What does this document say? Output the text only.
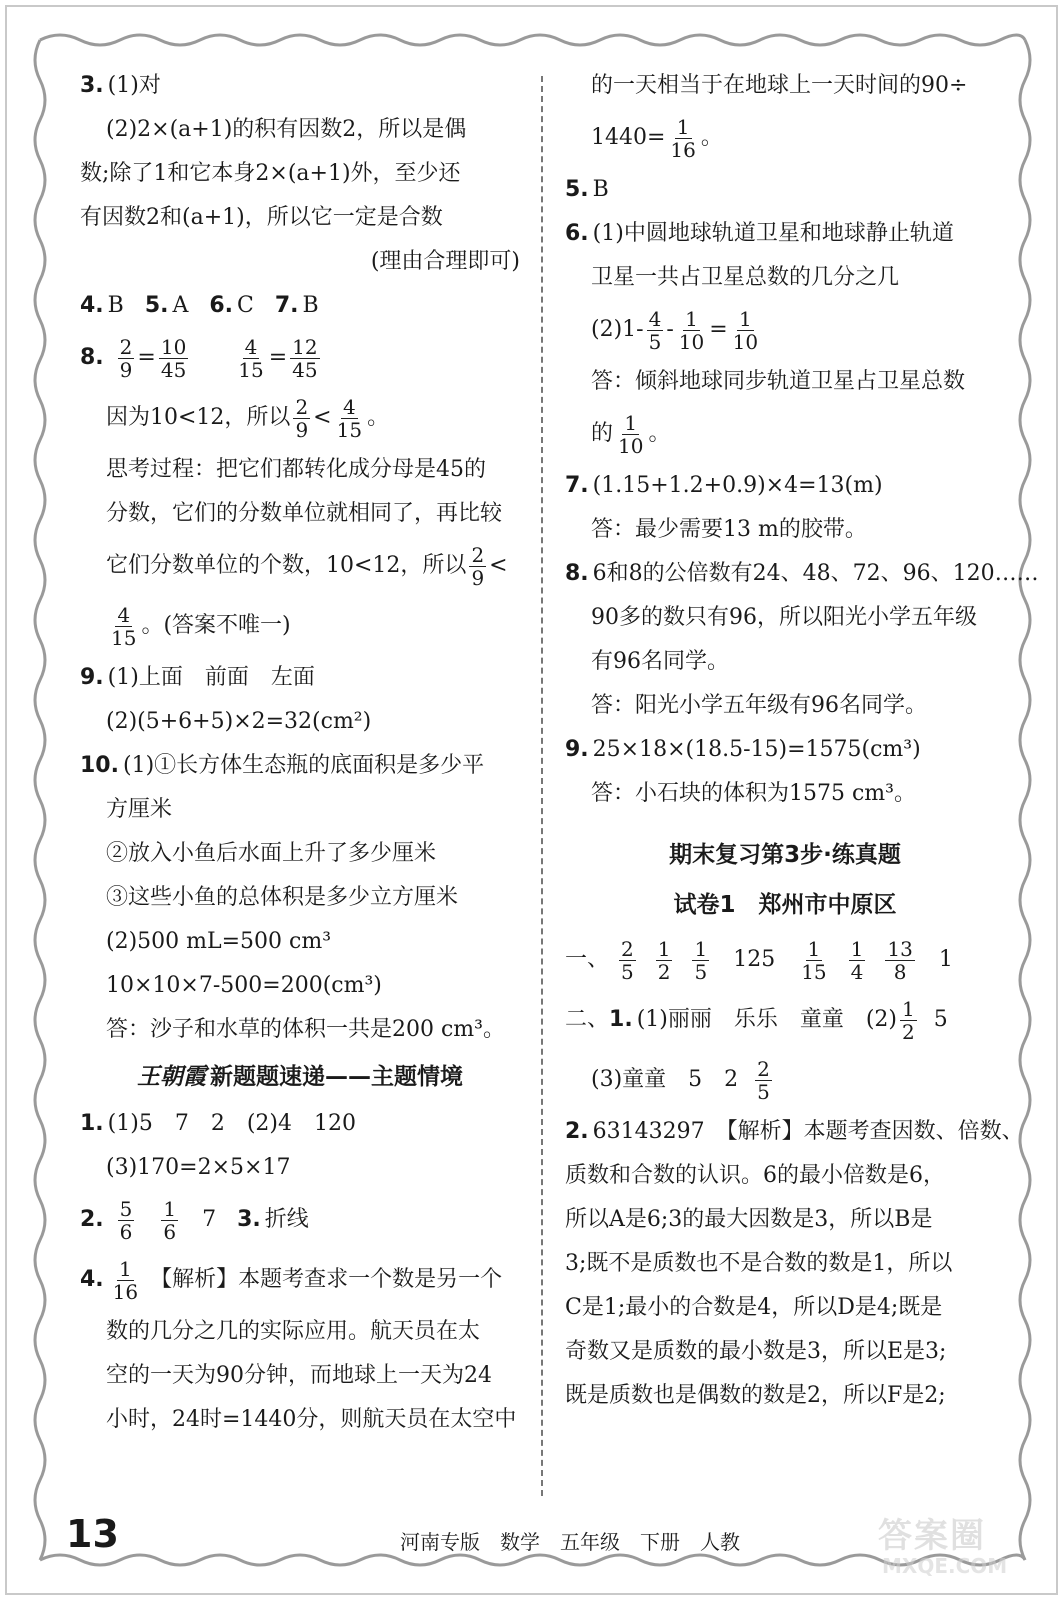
3. (1)对
(2)2×(a+1)的积有因数2，所以是偶
数;除了1和它本身2×(a+1)外，至少还
有因数2和(a+1)，所以它一定是合数
(理由合理即可)
4. B 5. A 6. C 7. B
8. $\frac{2}{9} = \frac{10}{45}$
$\frac{4}{15} = \frac{12}{45}$
因为10<12，所以 $\frac{2}{9} < \frac{4}{15}$ 。
思考过程：把它们都转化成分母是45的
分数，它们的分数单位就相同了，再比较
它们分数单位的个数，10<12，所以 $\frac{2}{9}$ <
$\frac{4}{15}$ 。(答案不唯一)
9. (1)上面　前面　左面
(2)(5+6+5)×2=32(cm²)
10. (1)①长方体生态瓶的底面积是多少平
方厘米
②放入小鱼后水面上升了多少厘米
③这些小鱼的总体积是多少立方厘米
(2)500 mL=500 cm³
10×10×7-500=200(cm³)
答：沙子和水草的体积一共是200 cm³。
王朝霞 新题题速递——主题情境
1. (1)5　7　2　(2)4　120
(3)170=2×5×17
2. $\frac{5}{6}$
$\frac{1}{6} 7$ 3. 折线
4. $\frac{1}{16}$ 【解析】本题考查求一个数是另一个
数的几分之几的实际应用。航天员在太
空的一天为90分钟，而地球上一天为24
小时，24时=1440分，则航天员在太空中
的一天相当于在地球上一天时间的90÷
$1440= \frac{1}{16}$ 。
5. B
6. (1)中圆地球轨道卫星和地球静止轨道
卫星一共占卫星总数的几分之几
$(2)1- \frac{4}{5} - \frac{1}{10} = \frac{1}{10}$
答：倾斜地球同步轨道卫星占卫星总数
的 $\frac{1}{10}$ 。
7. (1.15+1.2+0.9)×4=13(m)
答：最少需要13 m的胶带。
8. 6和8的公倍数有24、48、72、96、120……
90多的数只有96，所以阳光小学五年级
有96名同学。
答：阳光小学五年级有96名同学。
9. 25×18×(18.5-15)=1575(cm³)
答：小石块的体积为1575 cm³。
期末复习第3步·练真题
试卷1　郑州市中原区
一、 $\frac{2}{5}$
$\frac{1}{2}$
$\frac{1}{5} 125 \frac{1}{15}$
$\frac{1}{4}$
$\frac{13}{8} 1$
二、1. (1)丽丽　乐乐　童童　$(2) \frac{1}{2} 5$
(3)童童　5　$2 \frac{2}{5}$
2. 63143297　【解析】本题考查因数、倍数、
质数和合数的认识。6的最小倍数是6，
所以A是6;3的最大因数是3，所以B是
3;既不是质数也不是合数的数是1，所以
C是1;最小的合数是4，所以D是4;既是
奇数又是质数的最小数是3，所以E是3;
既是质数也是偶数的数是2，所以F是2;
13	河南专版　数学　五年级　下册　人教	答案圈
MXQE.COM
